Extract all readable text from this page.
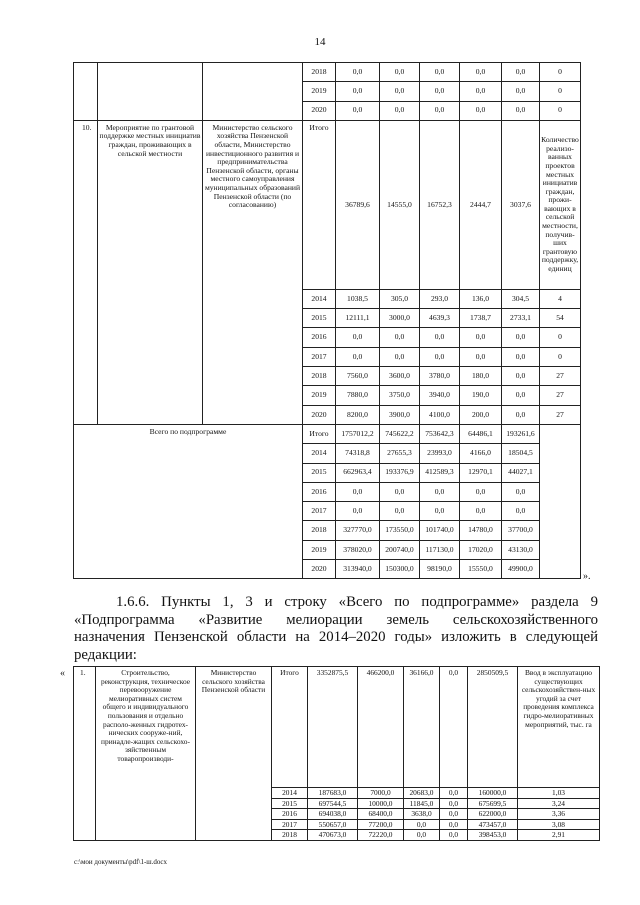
14
			2018	0,0	0,0	0,0	0,0	0,0	0
			2019	0,0	0,0	0,0	0,0	0,0	0
			2020	0,0	0,0	0,0	0,0	0,0	0
10.	Мероприятие по грантовой поддержке местных инициатив граждан, проживающих в сельской местности	Министерство сельского хозяйства Пензенской области, Министерство инвестиционного развития и предпринимательства Пензенской области, органы местного самоуправления муниципальных образований Пензенской области (по согласованию)	Итого	36789,6	14555,0	16752,3	2444,7	3037,6	Количество реализо-ванных проектов местных инициатив граждан, прожи-вающих в сельской местности, получив-ших грантовую поддержку, единиц
			2014	1038,5	305,0	293,0	136,0	304,5	4
			2015	12111,1	3000,0	4639,3	1738,7	2733,1	54
			2016	0,0	0,0	0,0	0,0	0,0	0
			2017	0,0	0,0	0,0	0,0	0,0	0
			2018	7560,0	3600,0	3780,0	180,0	0,0	27
			2019	7880,0	3750,0	3940,0	190,0	0,0	27
			2020	8200,0	3900,0	4100,0	200,0	0,0	27
Всего по подпрограмме			Итого	1757012,2	745622,2	753642,3	64486,1	193261,6	
			2014	74318,8	27655,3	23993,0	4166,0	18504,5	
			2015	662963,4	193376,9	412589,3	12970,1	44027,1	
			2016	0,0	0,0	0,0	0,0	0,0	
			2017	0,0	0,0	0,0	0,0	0,0	
			2018	327770,0	173550,0	101740,0	14780,0	37700,0	
			2019	378020,0	200740,0	117130,0	17020,0	43130,0	
			2020	313940,0	150300,0	98190,0	15550,0	49900,0	
».
1.6.6. Пункты 1, 3 и строку «Всего по подпрограмме» раздела 9
«Подпрограмма «Развитие мелиорации земель сельскохозяйственного
назначения Пензенской области на 2014–2020 годы» изложить в следующей
редакции:
« 1.	Строительство, реконструкция, техническое перевооружение мелиоративных систем общего и индивидуального пользования и отдельно располо-женных гидротех-нических сооруже-ний, принадле-жащих сельскохо-зяйственным товаропроизводи-	Министерство сельского хозяйства Пензенской области	Итого	3352875,5	466200,0	36166,0	0,0	2850509,5	Ввод в эксплуатацию существующих сельскохозяйствен-ных угодий за счет проведения комплекса гидро-мелиоративных мероприятий, тыс. га
			2014	187683,0	7000,0	20683,0	0,0	160000,0	1,03
			2015	697544,5	10000,0	11845,0	0,0	675699,5	3,24
			2016	694038,0	68400,0	3638,0	0,0	622000,0	3,36
			2017	550657,0	77200,0	0,0	0,0	473457,0	3,08
			2018	470673,0	72220,0	0,0	0,0	398453,0	2,91
c:\мои документы\pdf\1-ш.docx
